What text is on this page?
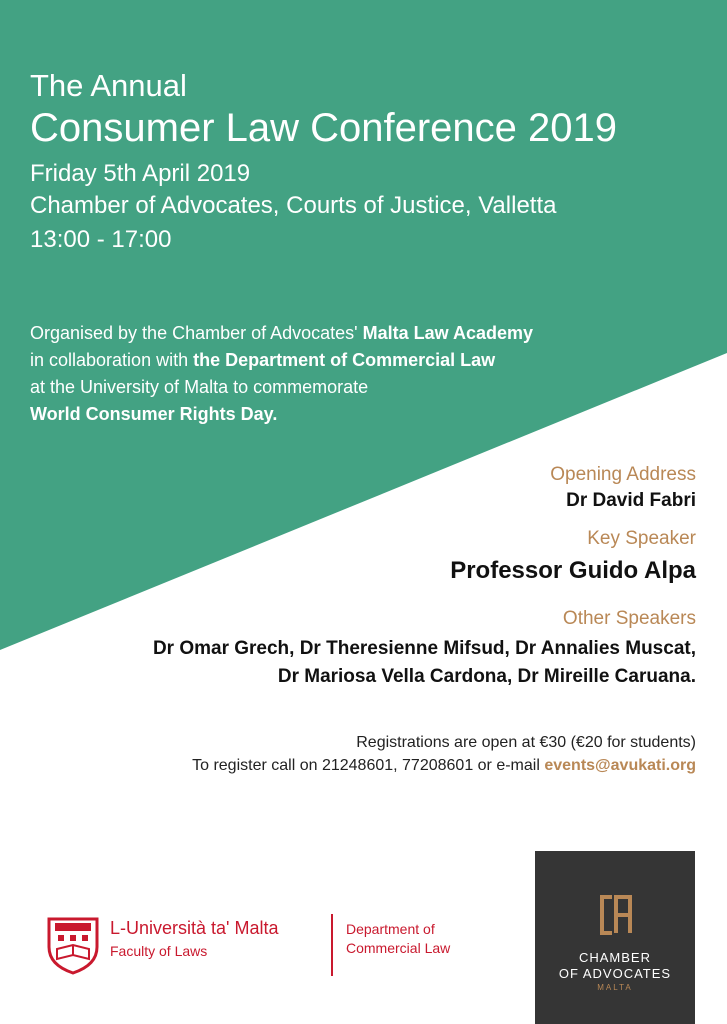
The Annual
Consumer Law Conference 2019
Friday 5th April 2019
Chamber of Advocates, Courts of Justice, Valletta
13:00 - 17:00
Organised by the Chamber of Advocates' Malta Law Academy
in collaboration with the Department of Commercial Law
at the University of Malta to commemorate
World Consumer Rights Day.
Opening Address
Dr David Fabri
Key Speaker
Professor Guido Alpa
Other Speakers
Dr Omar Grech, Dr Theresienne Mifsud, Dr Annalies Muscat,
Dr Mariosa Vella Cardona, Dr Mireille Caruana.
Registrations are open at €30 (€20 for students)
To register call on 21248601, 77208601 or e-mail events@avukati.org
L-Università ta' Malta
Faculty of Laws
Department of
Commercial Law
CHAMBER
OF ADVOCATES
MALTA
